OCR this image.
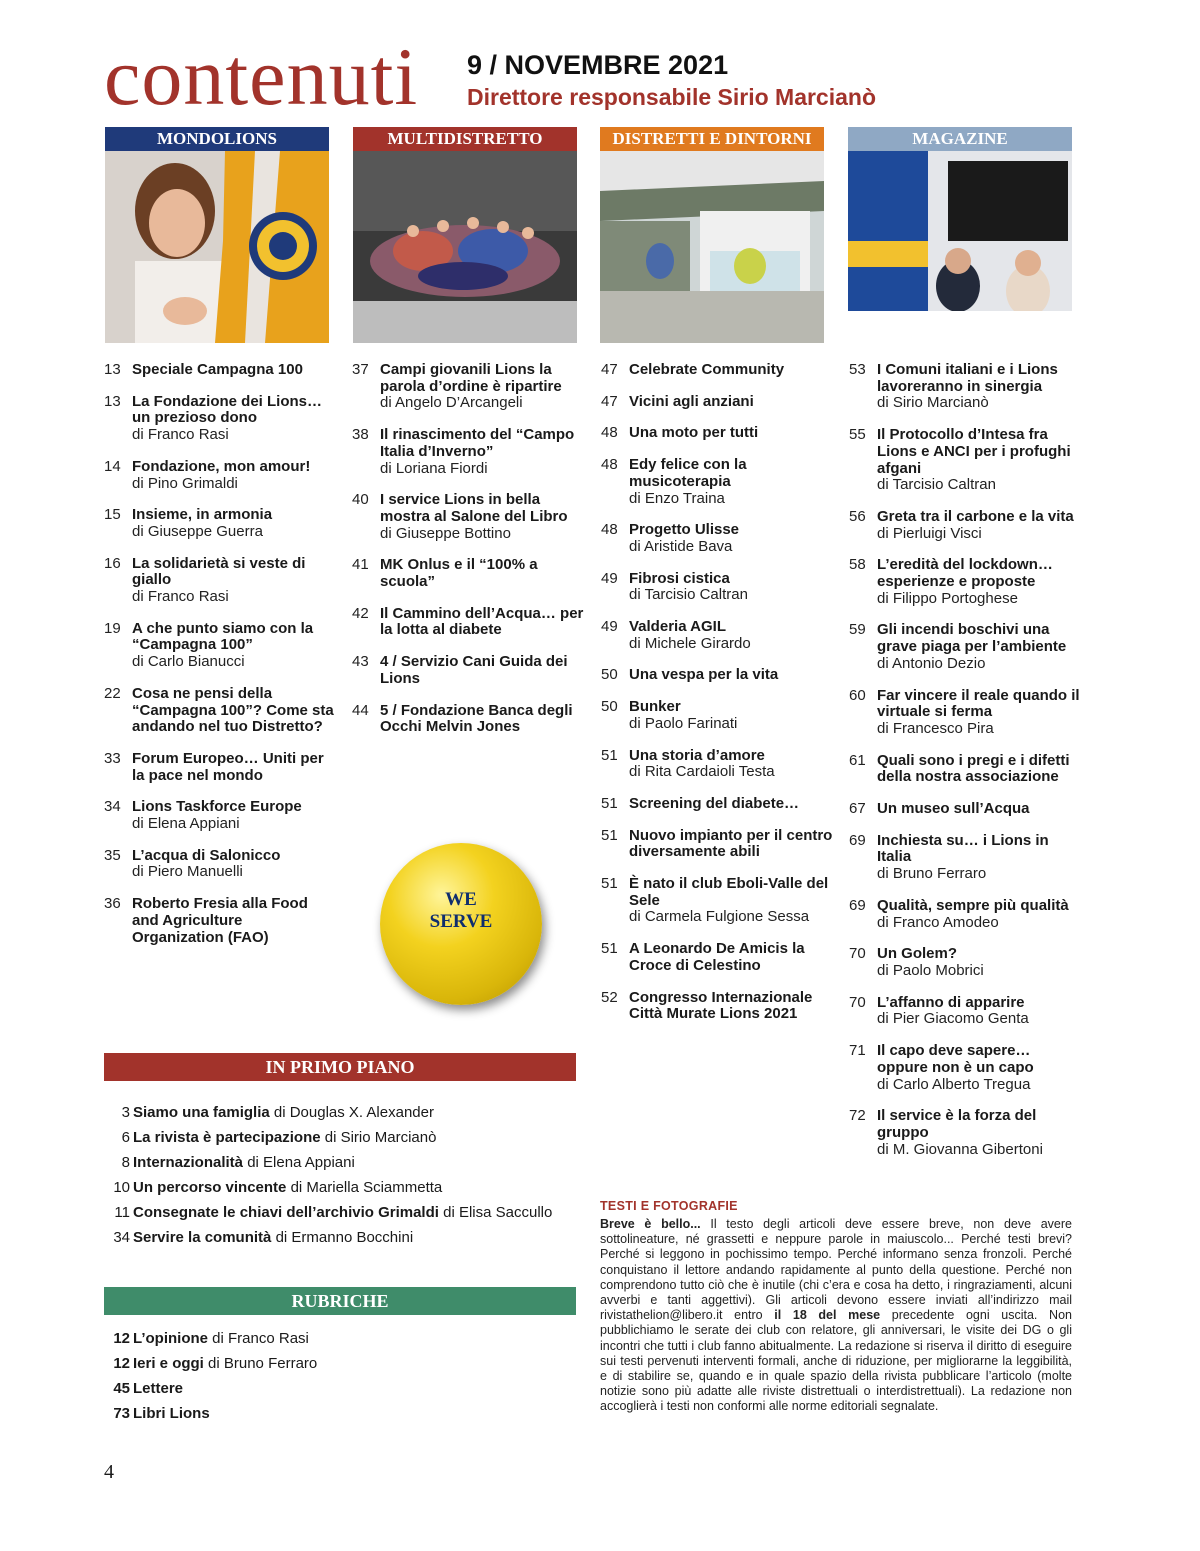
contenuti 9 / NOVEMBRE 2021
Direttore responsabile Sirio Marcianò
MONDOLIONS	MULTIDISTRETTO	DISTRETTI E DINTORNI	MAGAZINE
13 Speciale Campagna 100
13 La Fondazione dei Lions… un prezioso dono
di Franco Rasi
14 Fondazione, mon amour!
di Pino Grimaldi
15 Insieme, in armonia
di Giuseppe Guerra
16 La solidarietà si veste di giallo
di Franco Rasi
19 A che punto siamo con la “Campagna 100”
di Carlo Bianucci
22 Cosa ne pensi della “Campagna 100”? Come sta andando nel tuo Distretto?
33 Forum Europeo… Uniti per la pace nel mondo
34 Lions Taskforce Europe
di Elena Appiani
35 L’acqua di Salonicco
di Piero Manuelli
36 Roberto Fresia alla Food and Agriculture Organization (FAO)
37 Campi giovanili Lions la parola d’ordine è ripartire
di Angelo D’Arcangeli
38 Il rinascimento del “Campo Italia d’Inverno”
di Loriana Fiordi
40 I service Lions in bella mostra al Salone del Libro
di Giuseppe Bottino
41 MK Onlus e il “100% a scuola”
42 Il Cammino dell’Acqua… per la lotta al diabete
43 4 / Servizio Cani Guida dei Lions
44 5 / Fondazione Banca degli Occhi Melvin Jones
47 Celebrate Community
47 Vicini agli anziani
48 Una moto per tutti
48 Edy felice con la musicoterapia
di Enzo Traina
48 Progetto Ulisse
di Aristide Bava
49 Fibrosi cistica
di Tarcisio Caltran
49 Valderia AGIL
di Michele Girardo
50 Una vespa per la vita
50 Bunker
di Paolo Farinati
51 Una storia d’amore
di Rita Cardaioli Testa
51 Screening del diabete…
51 Nuovo impianto per il centro diversamente abili
51 È nato il club Eboli-Valle del Sele
di Carmela Fulgione Sessa
51 A Leonardo De Amicis la Croce di Celestino
52 Congresso Internazionale Città Murate Lions 2021
53 I Comuni italiani e i Lions lavoreranno in sinergia
di Sirio Marcianò
55 Il Protocollo d’Intesa fra Lions e ANCI per i profughi afgani
di Tarcisio Caltran
56 Greta tra il carbone e la vita
di Pierluigi Visci
58 L’eredità del lockdown… esperienze e proposte
di Filippo Portoghese
59 Gli incendi boschivi una grave piaga per l’ambiente
di Antonio Dezio
60 Far vincere il reale quando il virtuale si ferma
di Francesco Pira
61 Quali sono i pregi e i difetti della nostra associazione
67 Un museo sull’Acqua
69 Inchiesta su… i Lions in Italia
di Bruno Ferraro
69 Qualità, sempre più qualità
di Franco Amodeo
70 Un Golem?
di Paolo Mobrici
70 L’affanno di apparire
di Pier Giacomo Genta
71 Il capo deve sapere… oppure non è un capo
di Carlo Alberto Tregua
72 Il service è la forza del gruppo
di M. Giovanna Gibertoni
WE
SERVE
IN PRIMO PIANO
3 Siamo una famiglia di Douglas X. Alexander
6 La rivista è partecipazione di Sirio Marcianò
8 Internazionalità di Elena Appiani
10 Un percorso vincente di Mariella Sciammetta
11 Consegnate le chiavi dell’archivio Grimaldi di Elisa Saccullo
34 Servire la comunità di Ermanno Bocchini
RUBRICHE
12 L’opinione di Franco Rasi
12 Ieri e oggi di Bruno Ferraro
45 Lettere
73 Libri Lions
TESTI E FOTOGRAFIE
Breve è bello... Il testo degli articoli deve essere breve, non deve avere sottolineature, né grassetti e neppure parole in maiuscolo... Perché testi brevi? Perché si leggono in pochissimo tempo. Perché informano senza fronzoli. Perché conquistano il lettore andando rapidamente al punto della questione. Perché non comprendono tutto ciò che è inutile (chi c’era e cosa ha detto, i ringraziamenti, alcuni avverbi e tanti aggettivi). Gli articoli devono essere inviati all’indirizzo mail rivistathelion@libero.it entro il 18 del mese precedente ogni uscita. Non pubblichiamo le serate dei club con relatore, gli anniversari, le visite dei DG o gli incontri che tutti i club fanno abitualmente. La redazione si riserva il diritto di eseguire sui testi pervenuti interventi formali, anche di riduzione, per migliorarne la leggibilità, e di stabilire se, quando e in quale spazio della rivista pubblicare l’articolo (molte notizie sono più adatte alle riviste distrettuali o interdistrettuali). La redazione non accoglierà i testi non conformi alle norme editoriali segnalate.
4
